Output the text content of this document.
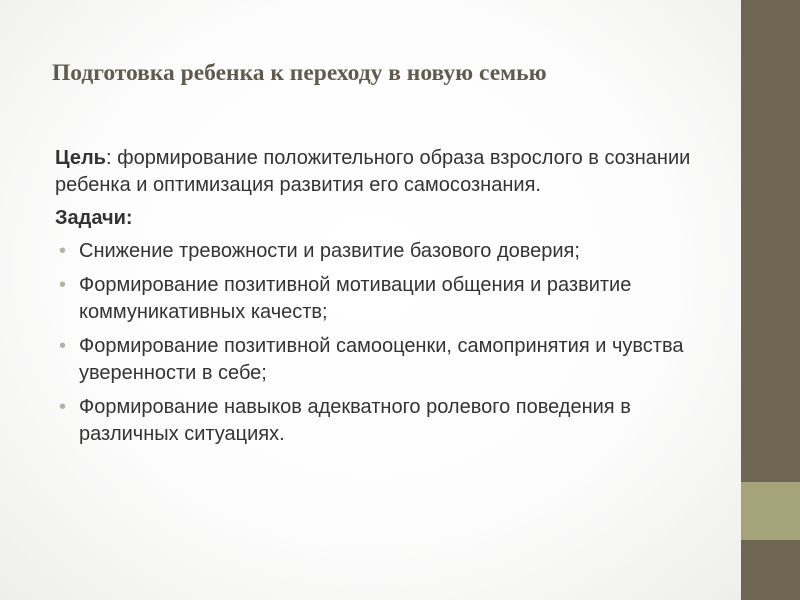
Подготовка ребенка к переходу в новую семью

Цель: формирование положительного образа взрослого в сознании ребенка и оптимизация развития его самосознания.

Задачи:

• Снижение тревожности и развитие базового доверия;
• Формирование позитивной мотивации общения и развитие коммуникативных качеств;
• Формирование позитивной самооценки, самопринятия и чувства уверенности в себе;
• Формирование навыков адекватного ролевого поведения в различных ситуациях.
